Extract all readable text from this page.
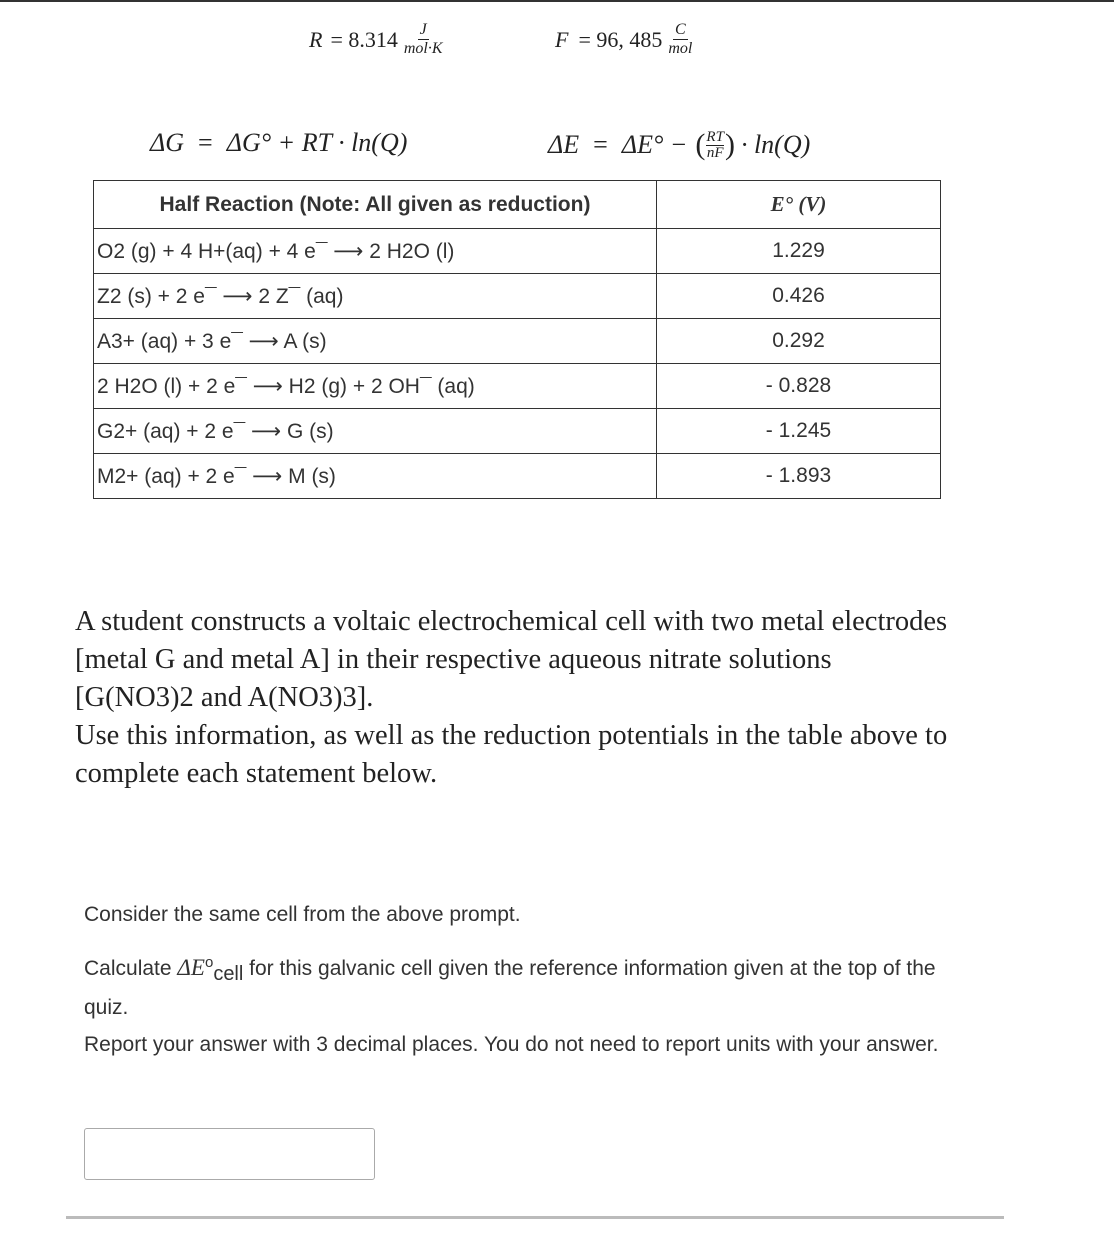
$R = 8.314 \frac{J}{\text{mol·K}}$	F = 96, $485 \frac{C}{\text{mol}}$
ΔG = ΔG° + RT · ln(Q)	ΔE = ΔE° − ( $\frac{RT}{nF}$ ) · ln(Q)
Half Reaction (Note: All given as reduction)	E° (V)
O2 (g) + 4 H+(aq) + 4 e¯ ⟶ 2 H2O (l)	1.229
Z2 (s) + 2 e¯ ⟶ 2 Z¯ (aq)	0.426
A3+ (aq) + 3 e¯ ⟶ A (s)	0.292
2 H2O (l) + 2 e¯ ⟶ H2 (g) + 2 OH¯ (aq)	- 0.828
G2+ (aq) + 2 e¯ ⟶ G (s)	- 1.245
M2+ (aq) + 2 e¯ ⟶ M (s)	- 1.893
A student constructs a voltaic electrochemical cell with two metal electrodes
[metal G and metal A] in their respective aqueous nitrate solutions
[G(NO3)2 and A(NO3)3].
Use this information, as well as the reduction potentials in the table above to
complete each statement below.
Consider the same cell from the above prompt.
Calculate $\Delta E^o_{cell}$ for this galvanic cell given the reference information given at the top of the quiz.
Report your answer with 3 decimal places. You do not need to report units with your answer.
